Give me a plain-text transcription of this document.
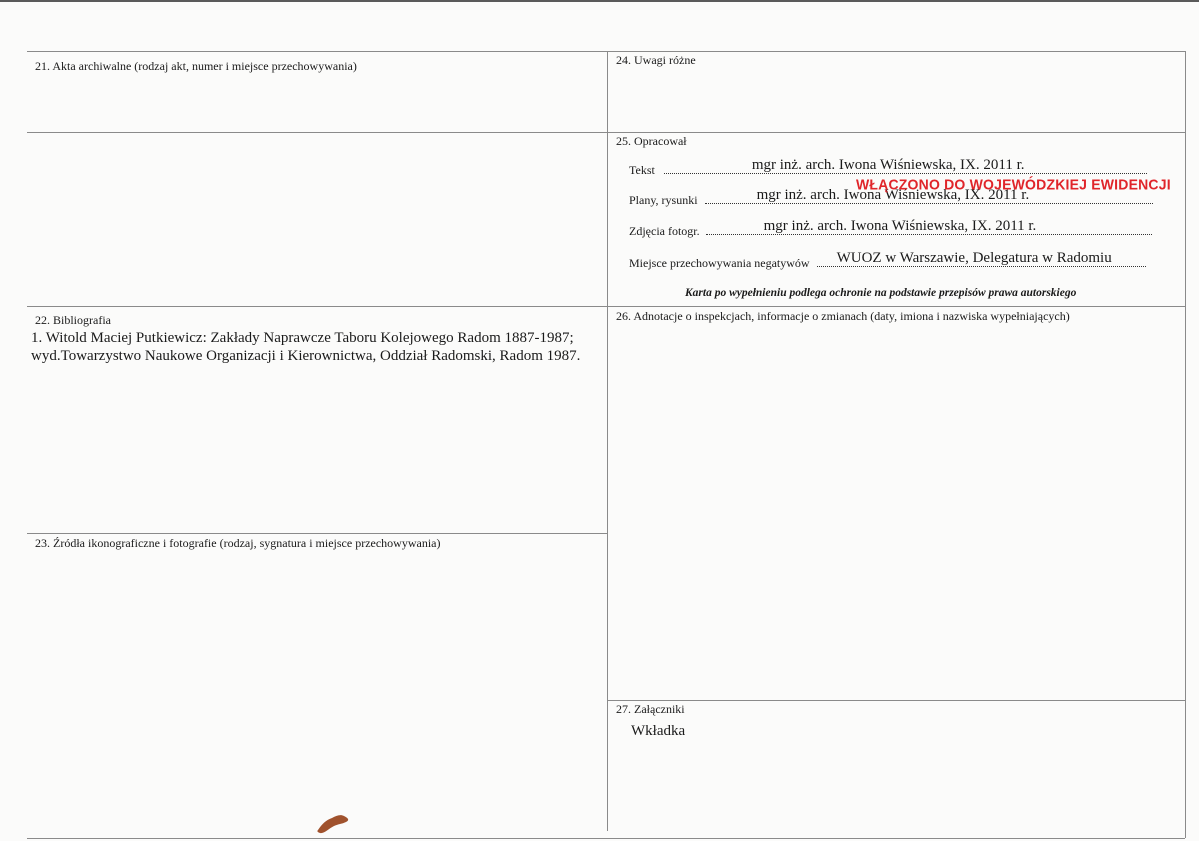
21. Akta archiwalne (rodzaj akt, numer i miejsce przechowywania)	24. Uwagi różne
25. Opracował
Tekst	mgr inż. arch. Iwona Wiśniewska, IX. 2011 r.
Plany, rysunki	mgr inż. arch. Iwona Wiśniewska, IX. 2011 r.
WŁĄCZONO DO WOJEWÓDZKIEJ EWIDENCJI
Zdjęcia fotogr.	mgr inż. arch. Iwona Wiśniewska, IX. 2011 r.
Miejsce przechowywania negatywów WUOZ w Warszawie, Delegatura w Radomiu
Karta po wypełnieniu podlega ochronie na podstawie przepisów prawa autorskiego
22. Bibliografia
1. Witold Maciej Putkiewicz: Zakłady Naprawcze Taboru Kolejowego Radom 1887-1987;
wyd.Towarzystwo Naukowe Organizacji i Kierownictwa, Oddział Radomski, Radom 1987.
26. Adnotacje o inspekcjach, informacje o zmianach (daty, imiona i nazwiska wypełniających)
23. Źródła ikonograficzne i fotografie (rodzaj, sygnatura i miejsce przechowywania)
27. Załączniki
Wkładka
